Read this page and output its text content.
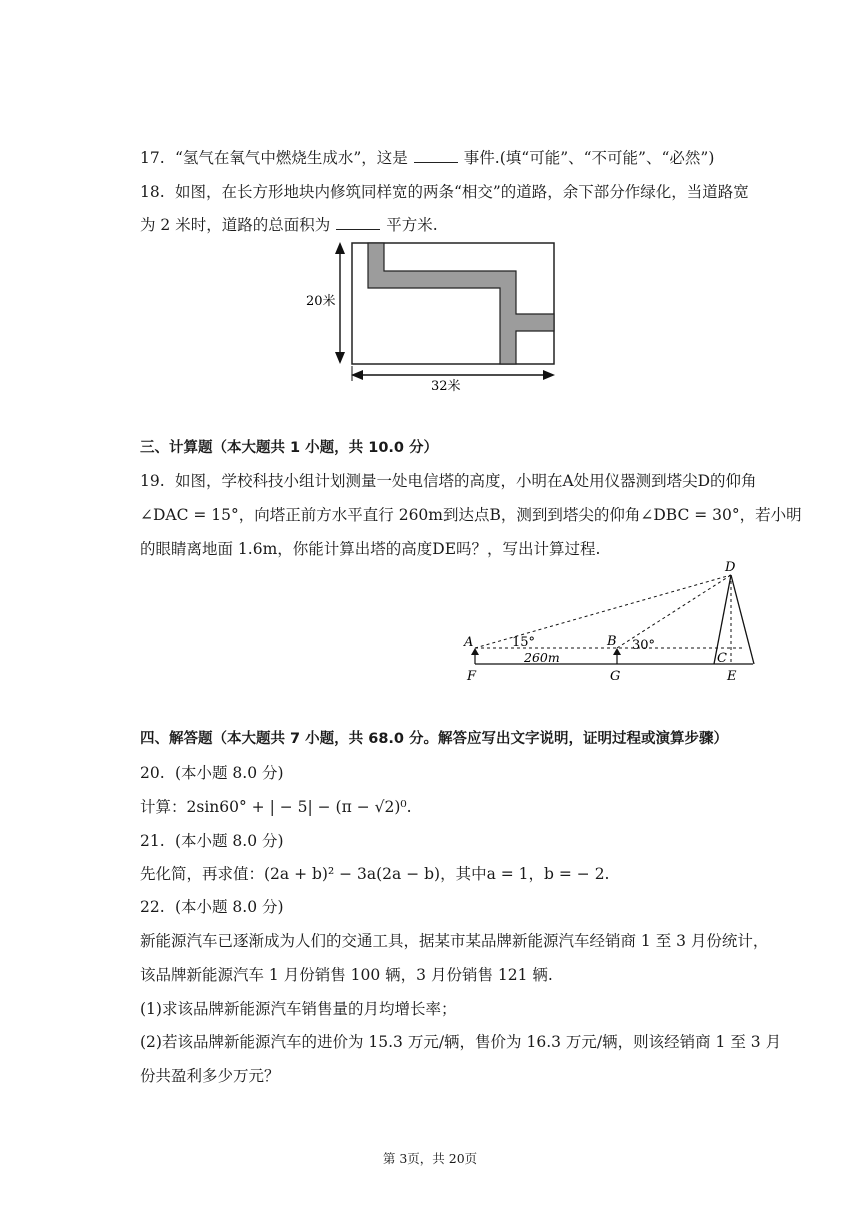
17. “氢气在氧气中燃烧生成水”，这是	事件.(填“可能”、“不可能”、“必然”)
18. 如图，在长方形地块内修筑同样宽的两条“相交”的道路，余下部分作绿化，当道路宽
为 2 米时，道路的总面积为	平方米.
20米
32米
三、计算题（本大题共 1 小题，共 10.0 分）
19. 如图，学校科技小组计划测量一处电信塔的高度，小明在A处用仪器测到塔尖D的仰角
∠DAC = 15°，向塔正前方水平直行 260m到达点B，测到到塔尖的仰角∠DBC = 30°，若小明
的眼睛离地面 1.6m，你能计算出塔的高度DE吗？，写出计算过程.
A	B
C
D
E
F	G
15°	30°
260m
四、解答题（本大题共 7 小题，共 68.0 分。解答应写出文字说明，证明过程或演算步骤）
20. (本小题 8.0 分)
计算：2sin60° + | − 5| − (π − √2)⁰.
21. (本小题 8.0 分)
先化简，再求值：(2a + b)² − 3a(2a − b)，其中a = 1，b = − 2.
22. (本小题 8.0 分)
新能源汽车已逐渐成为人们的交通工具，据某市某品牌新能源汽车经销商 1 至 3 月份统计，
该品牌新能源汽车 1 月份销售 100 辆，3 月份销售 121 辆.
(1)求该品牌新能源汽车销售量的月均增长率；
(2)若该品牌新能源汽车的进价为 15.3 万元/辆，售价为 16.3 万元/辆，则该经销商 1 至 3 月
份共盈利多少万元？
第 3页，共 20页
